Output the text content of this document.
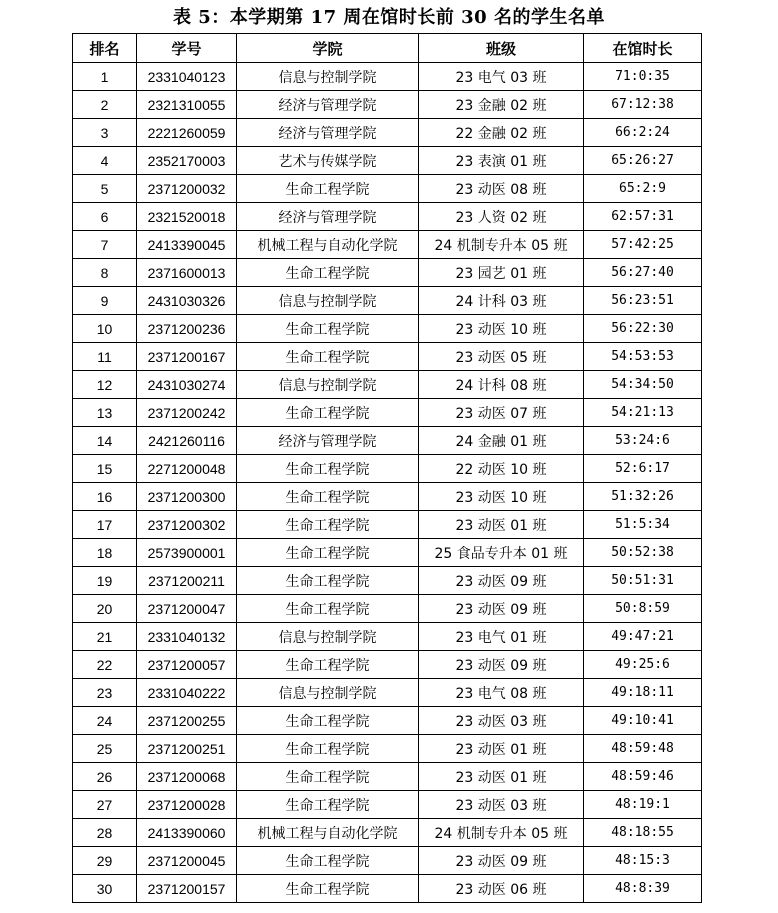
表 5：本学期第 17 周在馆时长前 30 名的学生名单
排名	学号	学院	班级	在馆时长
1	2331040123	信息与控制学院	23 电气 03 班	71:0:35
2	2321310055	经济与管理学院	23 金融 02 班	67:12:38
3	2221260059	经济与管理学院	22 金融 02 班	66:2:24
4	2352170003	艺术与传媒学院	23 表演 01 班	65:26:27
5	2371200032	生命工程学院	23 动医 08 班	65:2:9
6	2321520018	经济与管理学院	23 人资 02 班	62:57:31
7	2413390045	机械工程与自动化学院	24 机制专升本 05 班	57:42:25
8	2371600013	生命工程学院	23 园艺 01 班	56:27:40
9	2431030326	信息与控制学院	24 计科 03 班	56:23:51
10	2371200236	生命工程学院	23 动医 10 班	56:22:30
11	2371200167	生命工程学院	23 动医 05 班	54:53:53
12	2431030274	信息与控制学院	24 计科 08 班	54:34:50
13	2371200242	生命工程学院	23 动医 07 班	54:21:13
14	2421260116	经济与管理学院	24 金融 01 班	53:24:6
15	2271200048	生命工程学院	22 动医 10 班	52:6:17
16	2371200300	生命工程学院	23 动医 10 班	51:32:26
17	2371200302	生命工程学院	23 动医 01 班	51:5:34
18	2573900001	生命工程学院	25 食品专升本 01 班	50:52:38
19	2371200211	生命工程学院	23 动医 09 班	50:51:31
20	2371200047	生命工程学院	23 动医 09 班	50:8:59
21	2331040132	信息与控制学院	23 电气 01 班	49:47:21
22	2371200057	生命工程学院	23 动医 09 班	49:25:6
23	2331040222	信息与控制学院	23 电气 08 班	49:18:11
24	2371200255	生命工程学院	23 动医 03 班	49:10:41
25	2371200251	生命工程学院	23 动医 01 班	48:59:48
26	2371200068	生命工程学院	23 动医 01 班	48:59:46
27	2371200028	生命工程学院	23 动医 03 班	48:19:1
28	2413390060	机械工程与自动化学院	24 机制专升本 05 班	48:18:55
29	2371200045	生命工程学院	23 动医 09 班	48:15:3
30	2371200157	生命工程学院	23 动医 06 班	48:8:39
